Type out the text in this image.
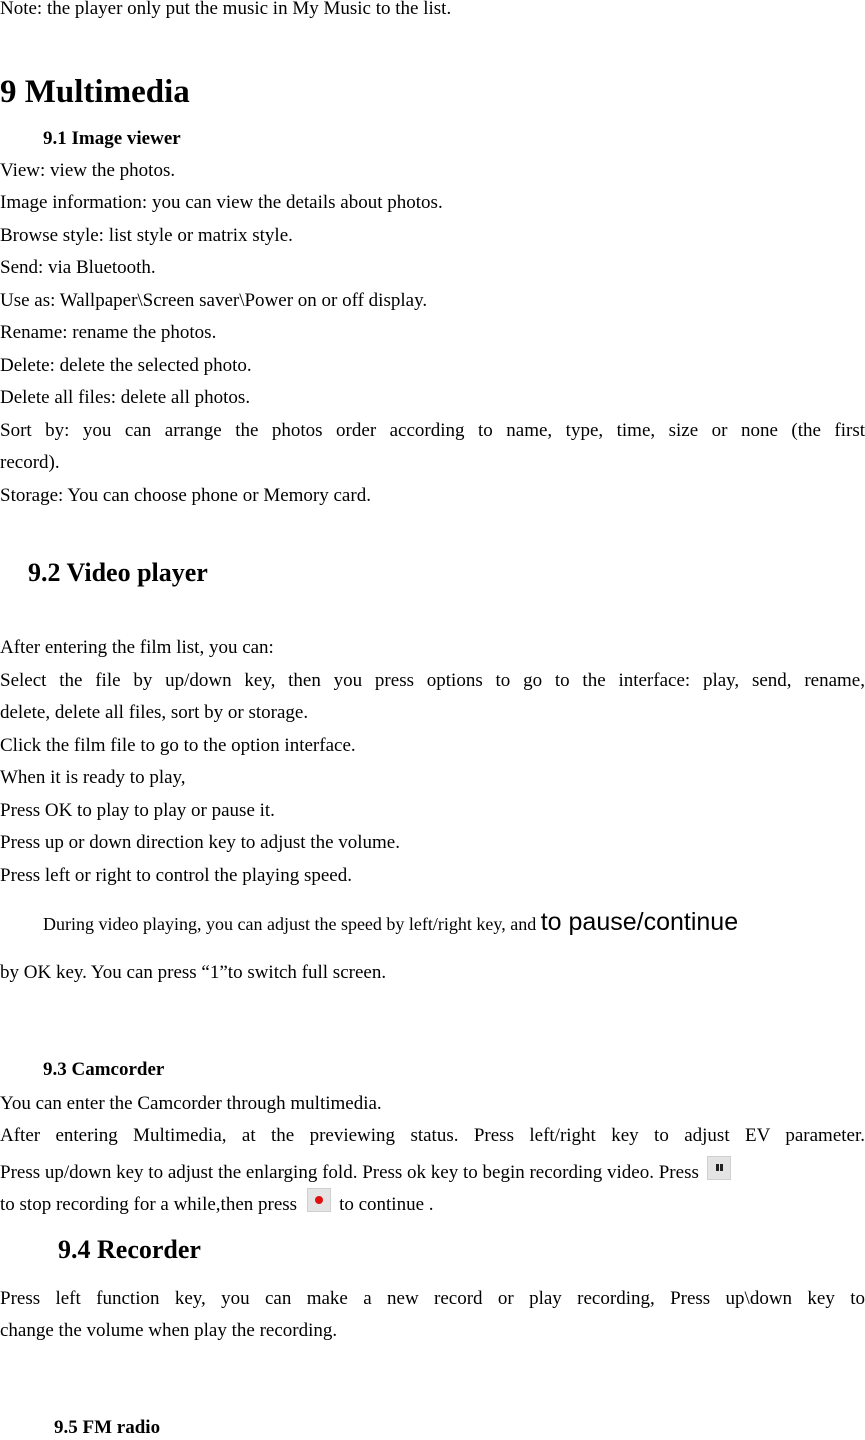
Note: the player only put the music in My Music to the list.
9 Multimedia
9.1 Image viewer
View: view the photos.
Image information: you can view the details about photos.
Browse style: list style or matrix style.
Send: via Bluetooth.
Use as: Wallpaper\Screen saver\Power on or off display.
Rename: rename the photos.
Delete: delete the selected photo.
Delete all files: delete all photos.
Sort by: you can arrange the photos order according to name, type, time, size or none (the first
record).
Storage: You can choose phone or Memory card.
9.2 Video player
After entering the film list, you can:
Select the file by up/down key, then you press options to go to the interface: play, send, rename,
delete, delete all files, sort by or storage.
Click the film file to go to the option interface.
When it is ready to play,
Press OK to play to play or pause it.
Press up or down direction key to adjust the volume.
Press left or right to control the playing speed.
During video playing, you can adjust the speed by left/right key, and to pause/continue
by OK key. You can press “1”to switch full screen.
9.3 Camcorder
You can enter the Camcorder through multimedia.
After entering Multimedia, at the previewing status. Press left/right key to adjust EV parameter.
Press up/down key to adjust the enlarging fold. Press ok key to begin recording video. Press
to stop recording for a while,then press to continue .
9.4 Recorder
Press left function key, you can make a new record or play recording, Press up\down key to
change the volume when play the recording.
9.5 FM radio
